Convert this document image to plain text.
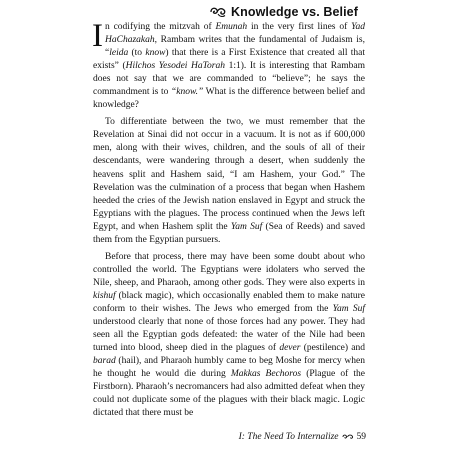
Knowledge vs. Belief

In codifying the mitzvah of Emunah in the very first lines of Yad HaChazakah, Rambam writes that the fundamental of Judaism is, “leida (to know) that there is a First Existence that created all that exists” (Hilchos Yesodei HaTorah 1:1). It is interesting that Rambam does not say that we are commanded to “believe”; he says the commandment is to “know.” What is the difference between belief and knowledge?

To differentiate between the two, we must remember that the Revelation at Sinai did not occur in a vacuum. It is not as if 600,000 men, along with their wives, children, and the souls of all of their descendants, were wandering through a desert, when suddenly the heavens split and Hashem said, “I am Hashem, your God.” The Revelation was the culmination of a process that began when Hashem heeded the cries of the Jewish nation enslaved in Egypt and struck the Egyptians with the plagues. The process continued when the Jews left Egypt, and when Hashem split the Yam Suf (Sea of Reeds) and saved them from the Egyptian pursuers.

Before that process, there may have been some doubt about who controlled the world. The Egyptians were idolaters who served the Nile, sheep, and Pharaoh, among other gods. They were also experts in kishuf (black magic), which occasionally enabled them to make nature conform to their wishes. The Jews who emerged from the Yam Suf understood clearly that none of those forces had any power. They had seen all the Egyptian gods defeated: the water of the Nile had been turned into blood, sheep died in the plagues of dever (pestilence) and barad (hail), and Pharaoh humbly came to beg Moshe for mercy when he thought he would die during Makkas Bechoros (Plague of the Firstborn). Pharaoh’s necromancers had also admitted defeat when they could not duplicate some of the plagues with their black magic. Logic dictated that there must be

I: The Need To Internalize 59
